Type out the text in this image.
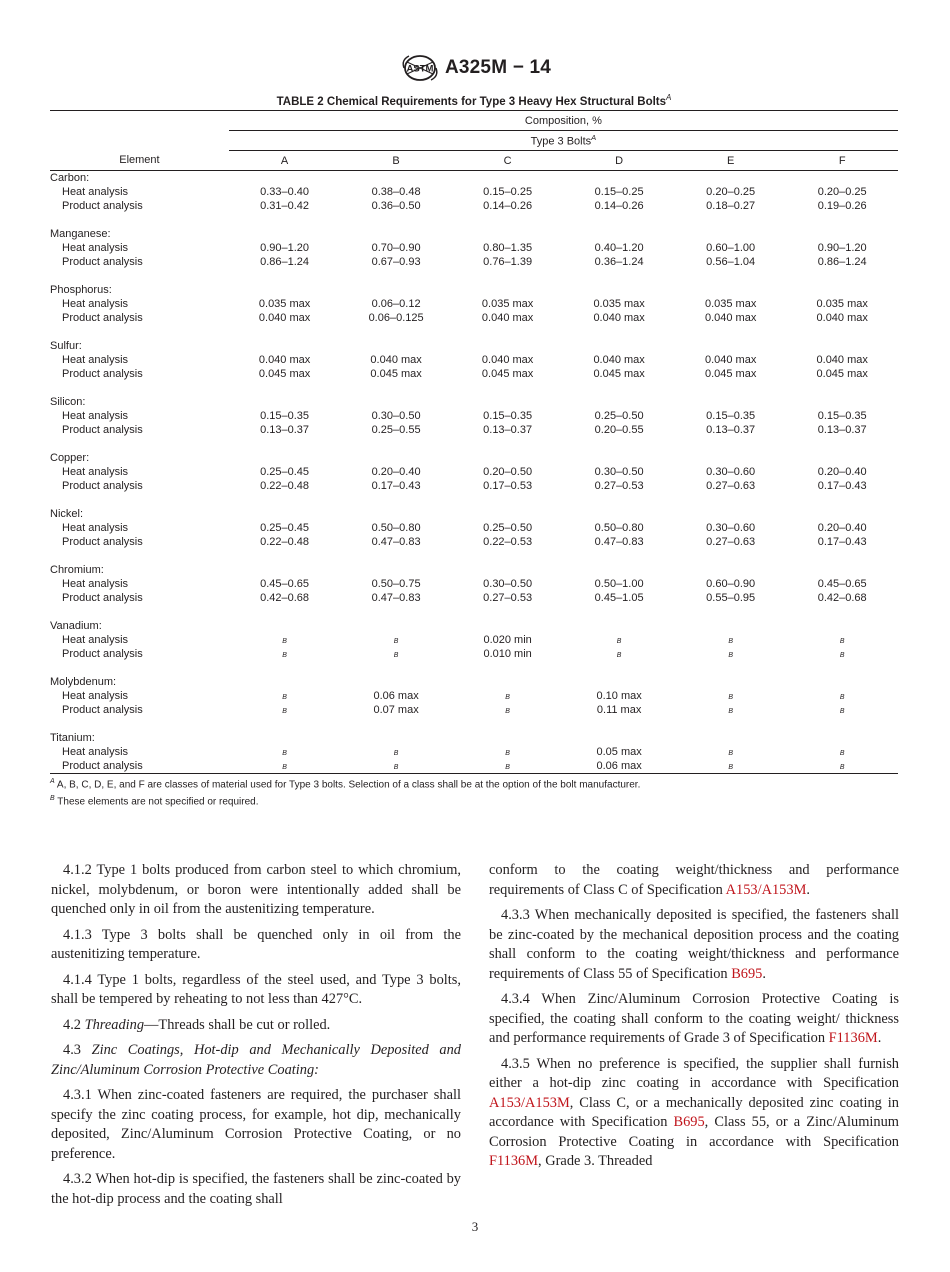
ASTM A325M − 14
TABLE 2 Chemical Requirements for Type 3 Heavy Hex Structural Bolts$^A$
	Composition, %					
	Type 3 Bolts$^A$
Element	A	B	C	D	E	F
Carbon:						
Heat analysis	0.33–0.40	0.38–0.48	0.15–0.25	0.15–0.25	0.20–0.25	0.20–0.25
Product analysis	0.31–0.42	0.36–0.50	0.14–0.26	0.14–0.26	0.18–0.27	0.19–0.26

Manganese:						
Heat analysis	0.90–1.20	0.70–0.90	0.80–1.35	0.40–1.20	0.60–1.00	0.90–1.20
Product analysis	0.86–1.24	0.67–0.93	0.76–1.39	0.36–1.24	0.56–1.04	0.86–1.24

Phosphorus:						
Heat analysis	0.035 max	0.06–0.12	0.035 max	0.035 max	0.035 max	0.035 max
Product analysis	0.040 max	0.06–0.125	0.040 max	0.040 max	0.040 max	0.040 max

Sulfur:						
Heat analysis	0.040 max	0.040 max	0.040 max	0.040 max	0.040 max	0.040 max
Product analysis	0.045 max	0.045 max	0.045 max	0.045 max	0.045 max	0.045 max

Silicon:						
Heat analysis	0.15–0.35	0.30–0.50	0.15–0.35	0.25–0.50	0.15–0.35	0.15–0.35
Product analysis	0.13–0.37	0.25–0.55	0.13–0.37	0.20–0.55	0.13–0.37	0.13–0.37

Copper:						
Heat analysis	0.25–0.45	0.20–0.40	0.20–0.50	0.30–0.50	0.30–0.60	0.20–0.40
Product analysis	0.22–0.48	0.17–0.43	0.17–0.53	0.27–0.53	0.27–0.63	0.17–0.43

Nickel:						
Heat analysis	0.25–0.45	0.50–0.80	0.25–0.50	0.50–0.80	0.30–0.60	0.20–0.40
Product analysis	0.22–0.48	0.47–0.83	0.22–0.53	0.47–0.83	0.27–0.63	0.17–0.43

Chromium:						
Heat analysis	0.45–0.65	0.50–0.75	0.30–0.50	0.50–1.00	0.60–0.90	0.45–0.65
Product analysis	0.42–0.68	0.47–0.83	0.27–0.53	0.45–1.05	0.55–0.95	0.42–0.68

Vanadium:						
Heat analysis	B	B	0.020 min	B	B	B
Product analysis	B	B	0.010 min	B	B	B

Molybdenum:						
Heat analysis	B	0.06 max	B	0.10 max	B	B
Product analysis	B	0.07 max	B	0.11 max	B	B

Titanium:						
Heat analysis	B	B	B	0.05 max	B	B
Product analysis	B	B	B	0.06 max	B	B
$^A$ A, B, C, D, E, and F are classes of material used for Type 3 bolts. Selection of a class shall be at the option of the bolt manufacturer.
$^B$ These elements are not specified or required.

4.1.2 Type 1 bolts produced from carbon steel to which chromium, nickel, molybdenum, or boron were intentionally added shall be quenched only in oil from the austenitizing temperature.

4.1.3 Type 3 bolts shall be quenched only in oil from the austenitizing temperature.

4.1.4 Type 1 bolts, regardless of the steel used, and Type 3 bolts, shall be tempered by reheating to not less than 427°C.

4.2 Threading—Threads shall be cut or rolled.

4.3 Zinc Coatings, Hot-dip and Mechanically Deposited and Zinc/Aluminum Corrosion Protective Coating:

4.3.1 When zinc-coated fasteners are required, the purchaser shall specify the zinc coating process, for example, hot dip, mechanically deposited, Zinc/Aluminum Corrosion Protective Coating, or no preference.

4.3.2 When hot-dip is specified, the fasteners shall be zinc-coated by the hot-dip process and the coating shall

conform to the coating weight/thickness and performance requirements of Class C of Specification A153/A153M.

4.3.3 When mechanically deposited is specified, the fasteners shall be zinc-coated by the mechanical deposition process and the coating shall conform to the coating weight/thickness and performance requirements of Class 55 of Specification B695.

4.3.4 When Zinc/Aluminum Corrosion Protective Coating is specified, the coating shall conform to the coating weight/ thickness and performance requirements of Grade 3 of Specification F1136M.

4.3.5 When no preference is specified, the supplier shall furnish either a hot-dip zinc coating in accordance with Specification A153/A153M, Class C, or a mechanically deposited zinc coating in accordance with Specification B695, Class 55, or a Zinc/Aluminum Corrosion Protective Coating in accordance with Specification F1136M, Grade 3. Threaded

3
